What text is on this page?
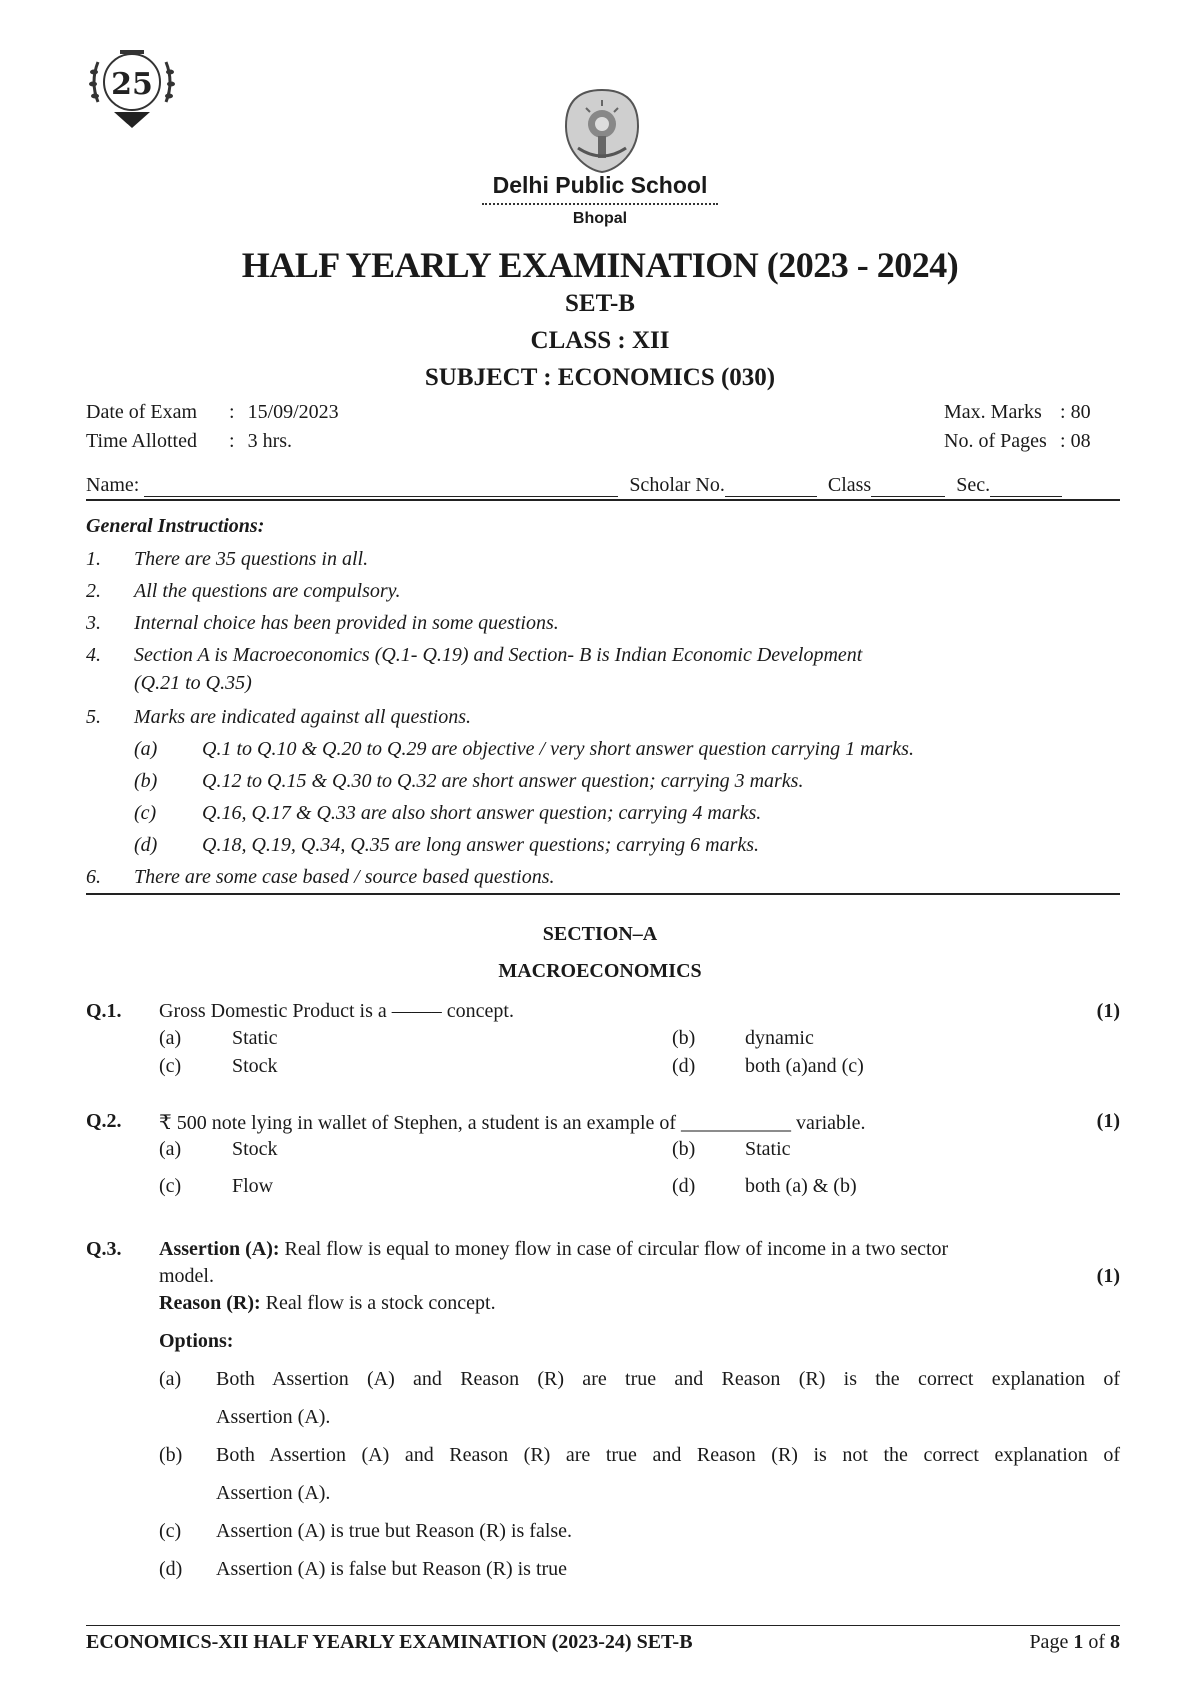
25
Delhi Public School
Bhopal
HALF YEARLY EXAMINATION (2023 - 2024)
SET-B
CLASS : XII
SUBJECT : ECONOMICS (030)
Date of Exam : 15/09/2023
Time Allotted : 3 hrs.
Max. Marks : 80
No. of Pages : 08
Name:	Scholar No.	Class	Sec.
General Instructions:
1. There are 35 questions in all.
2. All the questions are compulsory.
3. Internal choice has been provided in some questions.
4. Section A is Macroeconomics (Q.1- Q.19) and Section- B is Indian Economic Development
(Q.21 to Q.35)
5. Marks are indicated against all questions.
(a) Q.1 to Q.10 & Q.20 to Q.29 are objective / very short answer question carrying 1 marks.
(b) Q.12 to Q.15 & Q.30 to Q.32 are short answer question; carrying 3 marks.
(c) Q.16, Q.17 & Q.33 are also short answer question; carrying 4 marks.
(d) Q.18, Q.19, Q.34, Q.35 are long answer questions; carrying 6 marks.
6. There are some case based / source based questions.
SECTION–A
MACROECONOMICS
Q.1. Gross Domestic Product is a ——– concept.	(1)
(a)	Static	(b) dynamic
(c)	Stock	(d) both (a)and (c)
Q.2. ₹ 500 note lying in wallet of Stephen, a student is an example of ___________ variable.	(1)
(a)	Stock	(b) Static
(c)	Flow	(d) both (a) & (b)
Q.3. Assertion (A): Real flow is equal to money flow in case of circular flow of income in a two sector
model.	(1)
Reason (R): Real flow is a stock concept.
Options:
(a) Both Assertion (A) and Reason (R) are true and Reason (R) is the correct explanation of
Assertion (A).
(b) Both Assertion (A) and Reason (R) are true and Reason (R) is not the correct explanation of
Assertion (A).
(c) Assertion (A) is true but Reason (R) is false.
(d) Assertion (A) is false but Reason (R) is true
ECONOMICS-XII HALF YEARLY EXAMINATION (2023-24) SET-B	Page 1 of 8
